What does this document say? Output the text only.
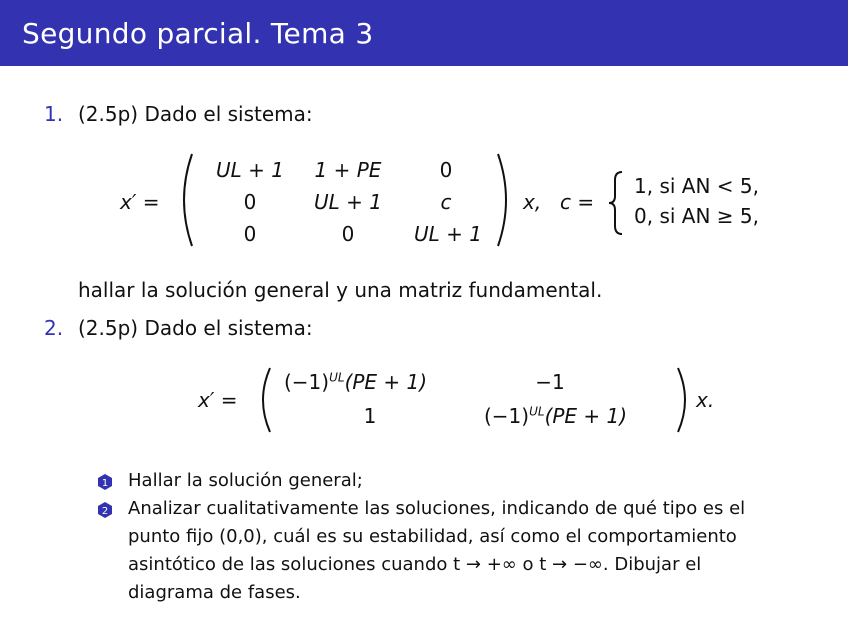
Segundo parcial. Tema 3
1. (2.5p) Dado el sistema:
x′ =
UL + 1	1 + PE	0
0	UL + 1	c
0	0	UL + 1
x, c =
1, si AN < 5,
0, si AN ≥ 5,
hallar la solución general y una matriz fundamental.
2. (2.5p) Dado el sistema:
x′ =
$(-1)^{UL}(PE + 1)$	−1
1	$(-1)^{UL}(PE + 1)$
x.
1 Hallar la solución general;
2 Analizar cualitativamente las soluciones, indicando de qué tipo es el
punto fijo (0,0), cuál es su estabilidad, así como el comportamiento
asintótico de las soluciones cuando t → +∞ o t → −∞. Dibujar el
diagrama de fases.
